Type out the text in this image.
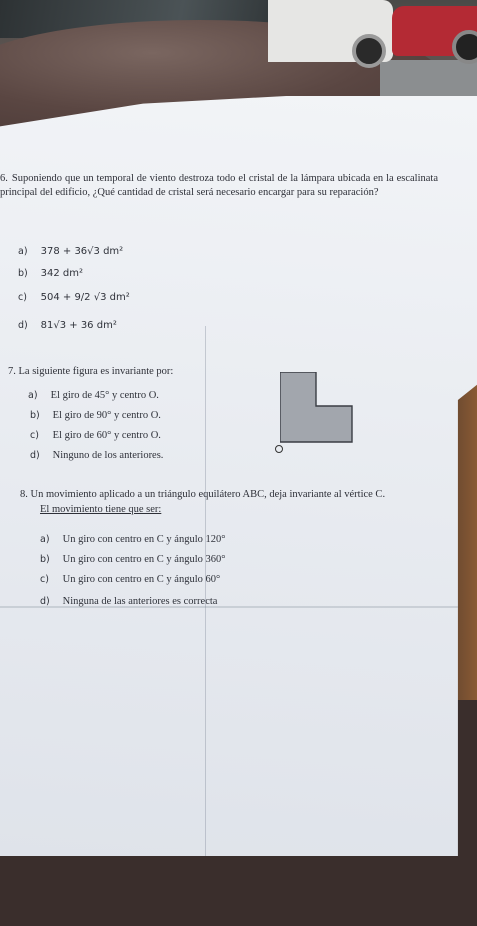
6. Suponiendo que un temporal de viento destroza todo el cristal de la lámpara ubicada en la escalinata principal del edificio, ¿Qué cantidad de cristal será necesario encargar para su reparación?
a) 378 + 36√3 dm²
b) 342 dm²
c) 504 + 9/2 √3 dm²
d) 81√3 + 36 dm²
7. La siguiente figura es invariante por:
a) El giro de 45° y centro O.
b) El giro de 90° y centro O.
c) El giro de 60° y centro O.
d) Ninguno de los anteriores.
8. Un movimiento aplicado a un triángulo equilátero ABC, deja invariante al vértice C.
El movimiento tiene que ser:
a) Un giro con centro en C y ángulo 120°
b) Un giro con centro en C y ángulo 360°
c) Un giro con centro en C y ángulo 60°
d) Ninguna de las anteriores es correcta
